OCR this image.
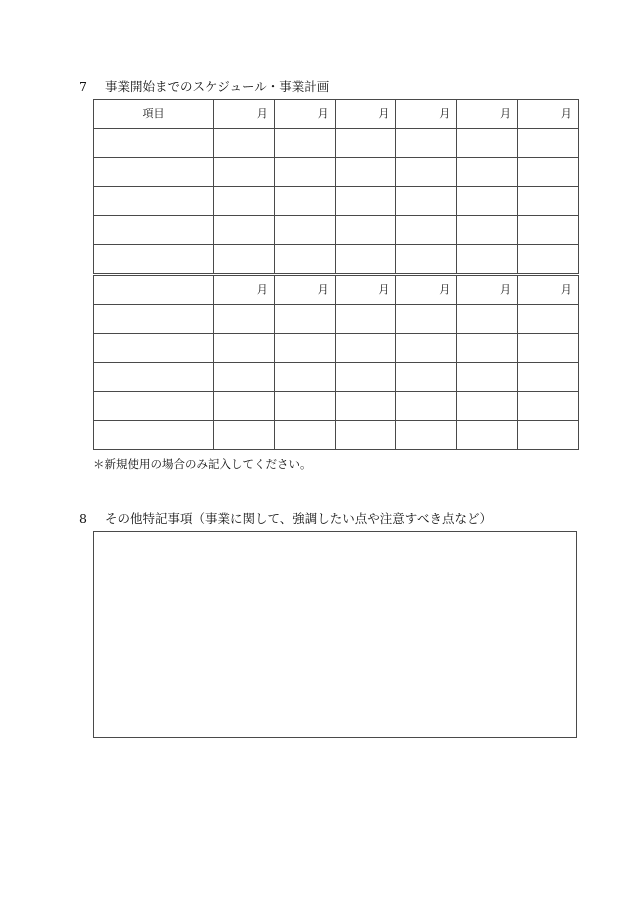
7 事業開始までのスケジュール・事業計画
項目	月	月	月	月	月	月

	月	月	月	月	月	月

＊新規使用の場合のみ記入してください。
8 その他特記事項（事業に関して、強調したい点や注意すべき点など）
